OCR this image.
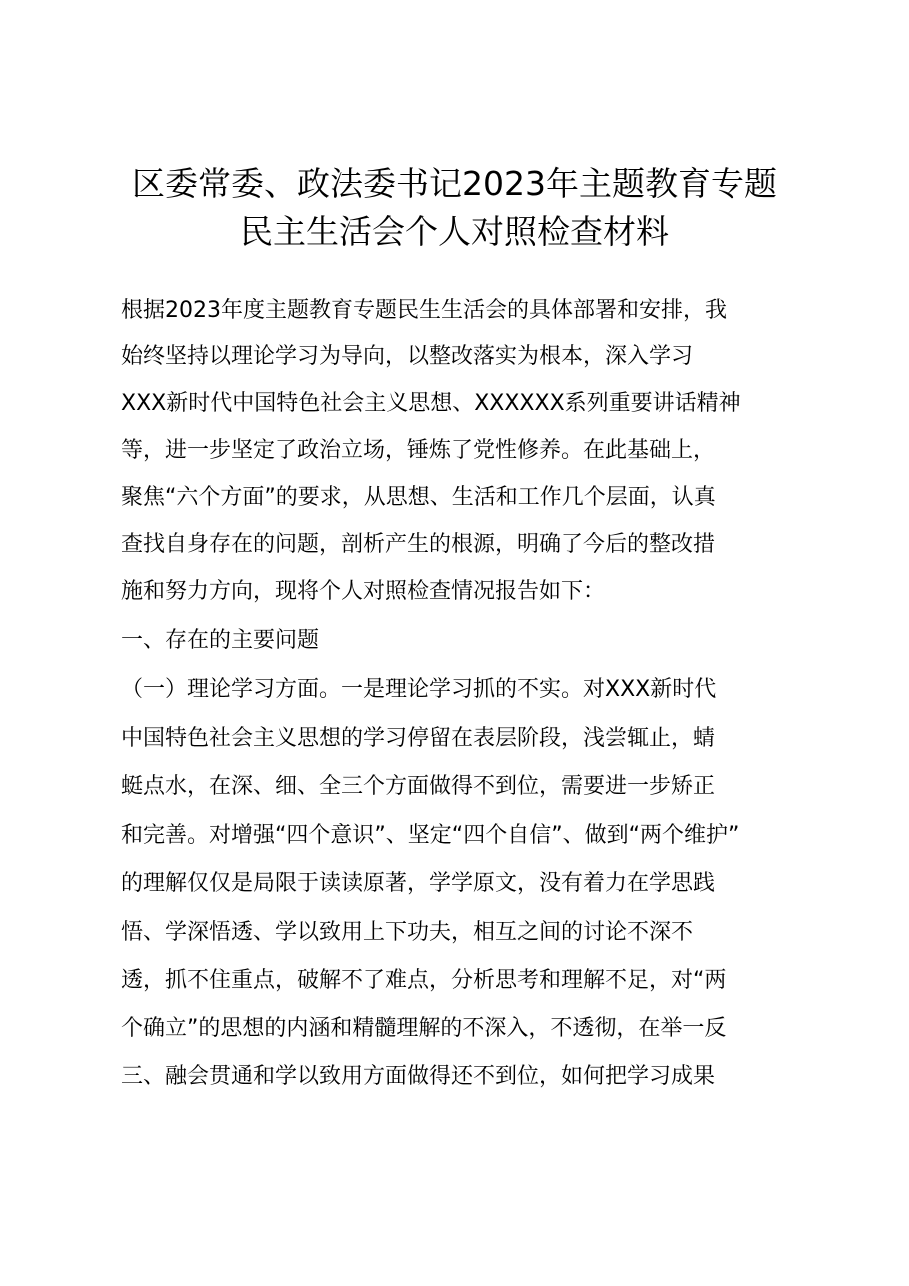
区委常委、政法委书记2023年主题教育专题
民主生活会个人对照检查材料
根据2023年度主题教育专题民生生活会的具体部署和安排，我
始终坚持以理论学习为导向，以整改落实为根本，深入学习
XXX新时代中国特色社会主义思想、XXXXXX系列重要讲话精神
等，进一步坚定了政治立场，锤炼了党性修养。在此基础上，
聚焦“六个方面”的要求，从思想、生活和工作几个层面，认真
查找自身存在的问题，剖析产生的根源，明确了今后的整改措
施和努力方向，现将个人对照检查情况报告如下：
一、存在的主要问题
（一）理论学习方面。一是理论学习抓的不实。对XXX新时代
中国特色社会主义思想的学习停留在表层阶段，浅尝辄止，蜻
蜓点水，在深、细、全三个方面做得不到位，需要进一步矫正
和完善。对增强“四个意识”、坚定“四个自信”、做到“两个维护”
的理解仅仅是局限于读读原著，学学原文，没有着力在学思践
悟、学深悟透、学以致用上下功夫，相互之间的讨论不深不
透，抓不住重点，破解不了难点，分析思考和理解不足，对“两
个确立”的思想的内涵和精髓理解的不深入，不透彻，在举一反
三、融会贯通和学以致用方面做得还不到位，如何把学习成果
